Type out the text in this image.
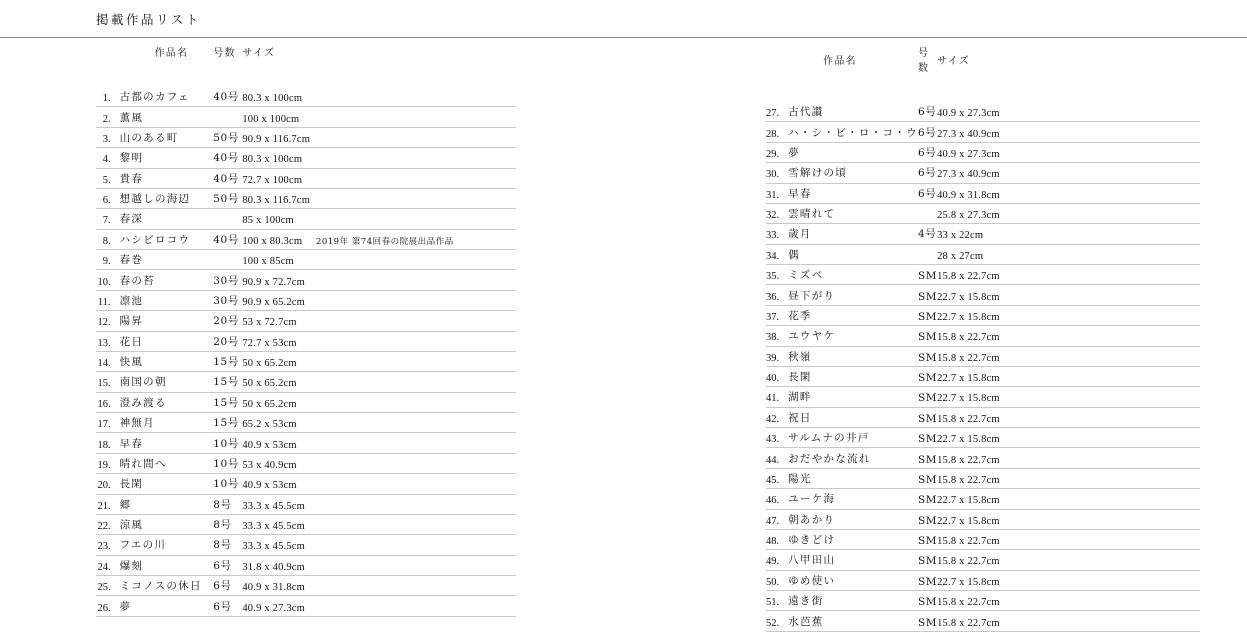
掲載作品リスト
	作品名	号数	サイズ	
1.	古都のカフェ	40号	80.3 x 100cm	
2.	薫風		100 x 100cm	
3.	山のある町	50号	90.9 x 116.7cm	
4.	黎明	40号	80.3 x 100cm	
5.	貴春	40号	72.7 x 100cm	
6.	想越しの海辺	50号	80.3 x 116.7cm	
7.	春深		85 x 100cm	
8.	ハシビロコウ	40号	100 x 80.3cm	2019年 第74回春の院展出品作品
9.	春巻		100 x 85cm	
10.	春の苔	30号	90.9 x 72.7cm	
11.	凛池	30号	90.9 x 65.2cm	
12.	陽昇	20号	53 x 72.7cm	
13.	花日	20号	72.7 x 53cm	
14.	快風	15号	50 x 65.2cm	
15.	南国の朝	15号	50 x 65.2cm	
16.	澄み渡る	15号	50 x 65.2cm	
17.	神無月	15号	65.2 x 53cm	
18.	早春	10号	40.9 x 53cm	
19.	晴れ間へ	10号	53 x 40.9cm	
20.	長閑	10号	40.9 x 53cm	
21.	郷	8号	33.3 x 45.5cm	
22.	涼風	8号	33.3 x 45.5cm	
23.	フエの川	8号	33.3 x 45.5cm	
24.	爆刻	6号	31.8 x 40.9cm	
25.	ミコノスの休日	6号	40.9 x 31.8cm	
26.	夢	6号	40.9 x 27.3cm	
	作品名	号数	サイズ	
27.	古代讃	6号	40.9 x 27.3cm	
28.	ハ・シ・ビ・ロ・コ・ウ	6号	27.3 x 40.9cm	
29.	夢	6号	40.9 x 27.3cm	
30.	雪解けの頃	6号	27.3 x 40.9cm	
31.	早春	6号	40.9 x 31.8cm	
32.	雲晴れて		25.8 x 27.3cm	
33.	歳月	4号	33 x 22cm	
34.	偶		28 x 27cm	
35.	ミズベ	SM	15.8 x 22.7cm	
36.	昼下がり	SM	22.7 x 15.8cm	
37.	花季	SM	22.7 x 15.8cm	
38.	ユウヤケ	SM	15.8 x 22.7cm	
39.	秋嶺	SM	15.8 x 22.7cm	
40.	長閑	SM	22.7 x 15.8cm	
41.	湖畔	SM	22.7 x 15.8cm	
42.	祝日	SM	15.8 x 22.7cm	
43.	サルムナの井戸	SM	22.7 x 15.8cm	
44.	おだやかな流れ	SM	15.8 x 22.7cm	
45.	陽光	SM	15.8 x 22.7cm	
46.	ユーケ海	SM	22.7 x 15.8cm	
47.	朝あかり	SM	22.7 x 15.8cm	
48.	ゆきどけ	SM	15.8 x 22.7cm	
49.	八甲田山	SM	15.8 x 22.7cm	
50.	ゆめ使い	SM	22.7 x 15.8cm	
51.	遠き街	SM	15.8 x 22.7cm	
52.	水芭蕉	SM	15.8 x 22.7cm	
